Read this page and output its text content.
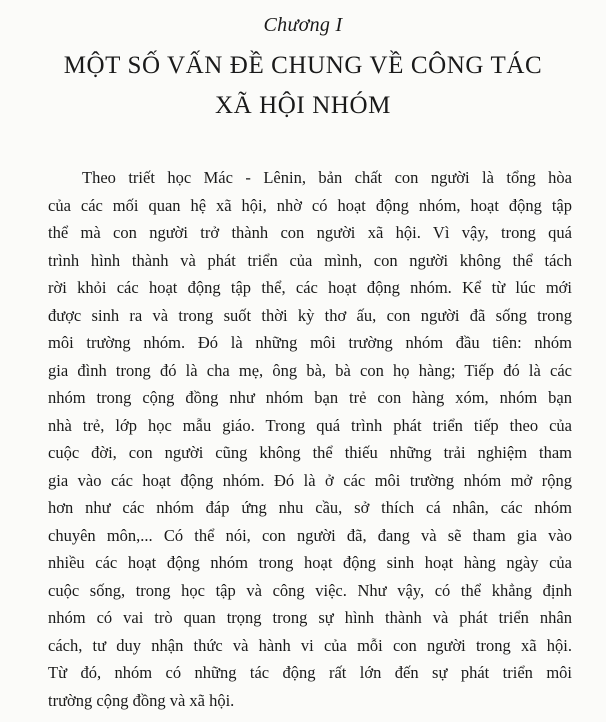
Chương I
MỘT SỐ VẤN ĐỀ CHUNG VỀ CÔNG TÁC
XÃ HỘI NHÓM

Theo triết học Mác - Lênin, bản chất con người là tổng hòa
của các mối quan hệ xã hội, nhờ có hoạt động nhóm, hoạt động tập
thể mà con người trở thành con người xã hội. Vì vậy, trong quá
trình hình thành và phát triển của mình, con người không thể tách
rời khỏi các hoạt động tập thể, các hoạt động nhóm. Kể từ lúc mới
được sinh ra và trong suốt thời kỳ thơ ấu, con người đã sống trong
môi trường nhóm. Đó là những môi trường nhóm đầu tiên: nhóm
gia đình trong đó là cha mẹ, ông bà, bà con họ hàng; Tiếp đó là các
nhóm trong cộng đồng như nhóm bạn trẻ con hàng xóm, nhóm bạn
nhà trẻ, lớp học mẫu giáo. Trong quá trình phát triển tiếp theo của
cuộc đời, con người cũng không thể thiếu những trải nghiệm tham
gia vào các hoạt động nhóm. Đó là ở các môi trường nhóm mở rộng
hơn như các nhóm đáp ứng nhu cầu, sở thích cá nhân, các nhóm
chuyên môn,... Có thể nói, con người đã, đang và sẽ tham gia vào
nhiều các hoạt động nhóm trong hoạt động sinh hoạt hàng ngày của
cuộc sống, trong học tập và công việc. Như vậy, có thể khẳng định
nhóm có vai trò quan trọng trong sự hình thành và phát triển nhân
cách, tư duy nhận thức và hành vi của mỗi con người trong xã hội.
Từ đó, nhóm có những tác động rất lớn đến sự phát triển môi
trường cộng đồng và xã hội.
